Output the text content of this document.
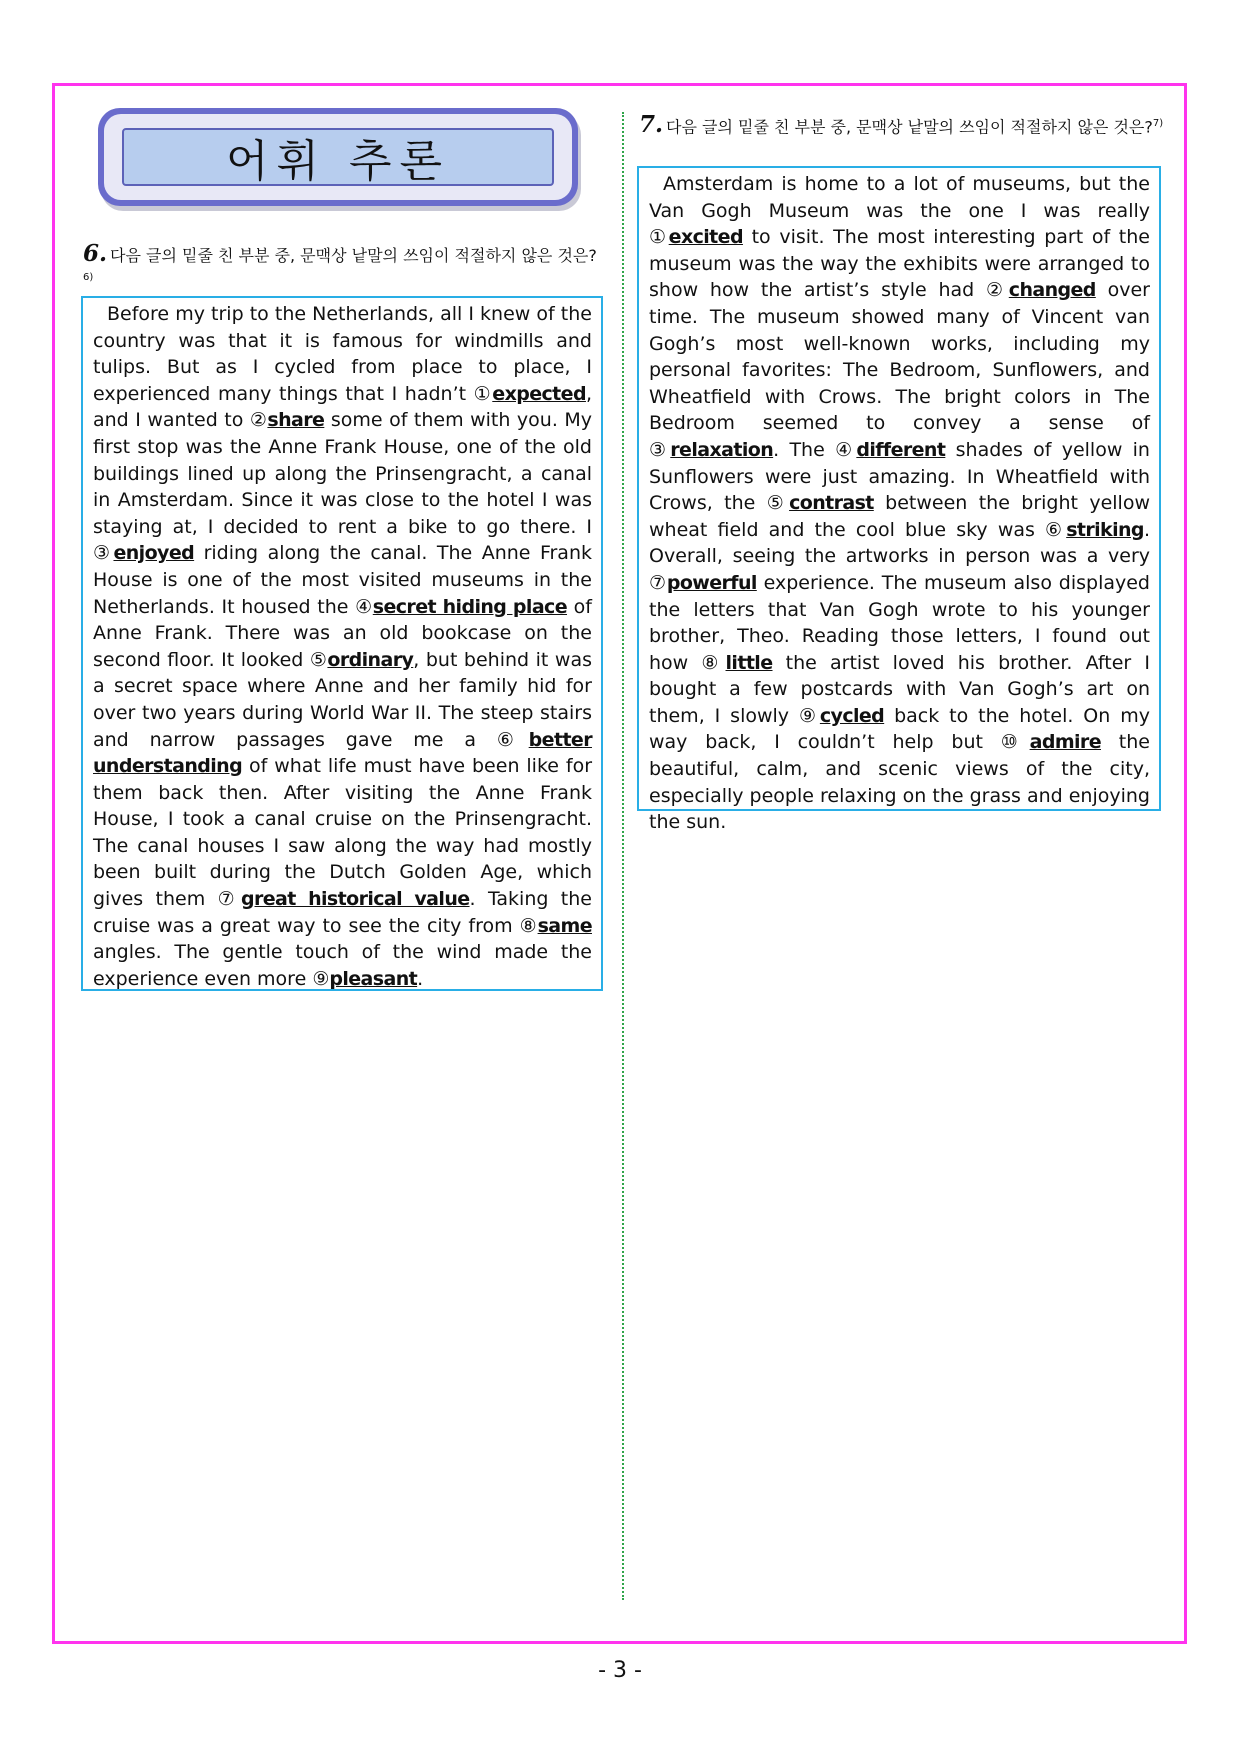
어휘 추론
6. 다음 글의 밑줄 친 부분 중, 문맥상 낱말의 쓰임이 적절하지 않은 것은?$^{6)}$

Before my trip to the Netherlands, all I knew of the country was that it is famous for windmills and tulips. But as I cycled from place to place, I experienced many things that I hadn’t ①expected, and I wanted to ②share some of them with you. My first stop was the Anne Frank House, one of the old buildings lined up along the Prinsengracht, a canal in Amsterdam. Since it was close to the hotel I was staying at, I decided to rent a bike to go there. I ③enjoyed riding along the canal. The Anne Frank House is one of the most visited museums in the Netherlands. It housed the ④secret hiding place of Anne Frank. There was an old bookcase on the second floor. It looked ⑤ordinary, but behind it was a secret space where Anne and her family hid for over two years during World War II. The steep stairs and narrow passages gave me a ⑥better understanding of what life must have been like for them back then. After visiting the Anne Frank House, I took a canal cruise on the Prinsengracht. The canal houses I saw along the way had mostly been built during the Dutch Golden Age, which gives them ⑦great historical value. Taking the cruise was a great way to see the city from ⑧same angles. The gentle touch of the wind made the experience even more ⑨pleasant.

7. 다음 글의 밑줄 친 부분 중, 문맥상 낱말의 쓰임이 적절하지 않은 것은?$^{7)}$

Amsterdam is home to a lot of museums, but the Van Gogh Museum was the one I was really ①excited to visit. The most interesting part of the museum was the way the exhibits were arranged to show how the artist’s style had ②changed over time. The museum showed many of Vincent van Gogh’s most well-known works, including my personal favorites: The Bedroom, Sunflowers, and Wheatfield with Crows. The bright colors in The Bedroom seemed to convey a sense of ③relaxation. The ④different shades of yellow in Sunflowers were just amazing. In Wheatfield with Crows, the ⑤contrast between the bright yellow wheat field and the cool blue sky was ⑥striking. Overall, seeing the artworks in person was a very ⑦powerful experience. The museum also displayed the letters that Van Gogh wrote to his younger brother, Theo. Reading those letters, I found out how ⑧little the artist loved his brother. After I bought a few postcards with Van Gogh’s art on them, I slowly ⑨cycled back to the hotel. On my way back, I couldn’t help but ⑩admire the beautiful, calm, and scenic views of the city, especially people relaxing on the grass and enjoying the sun.

- 3 -
